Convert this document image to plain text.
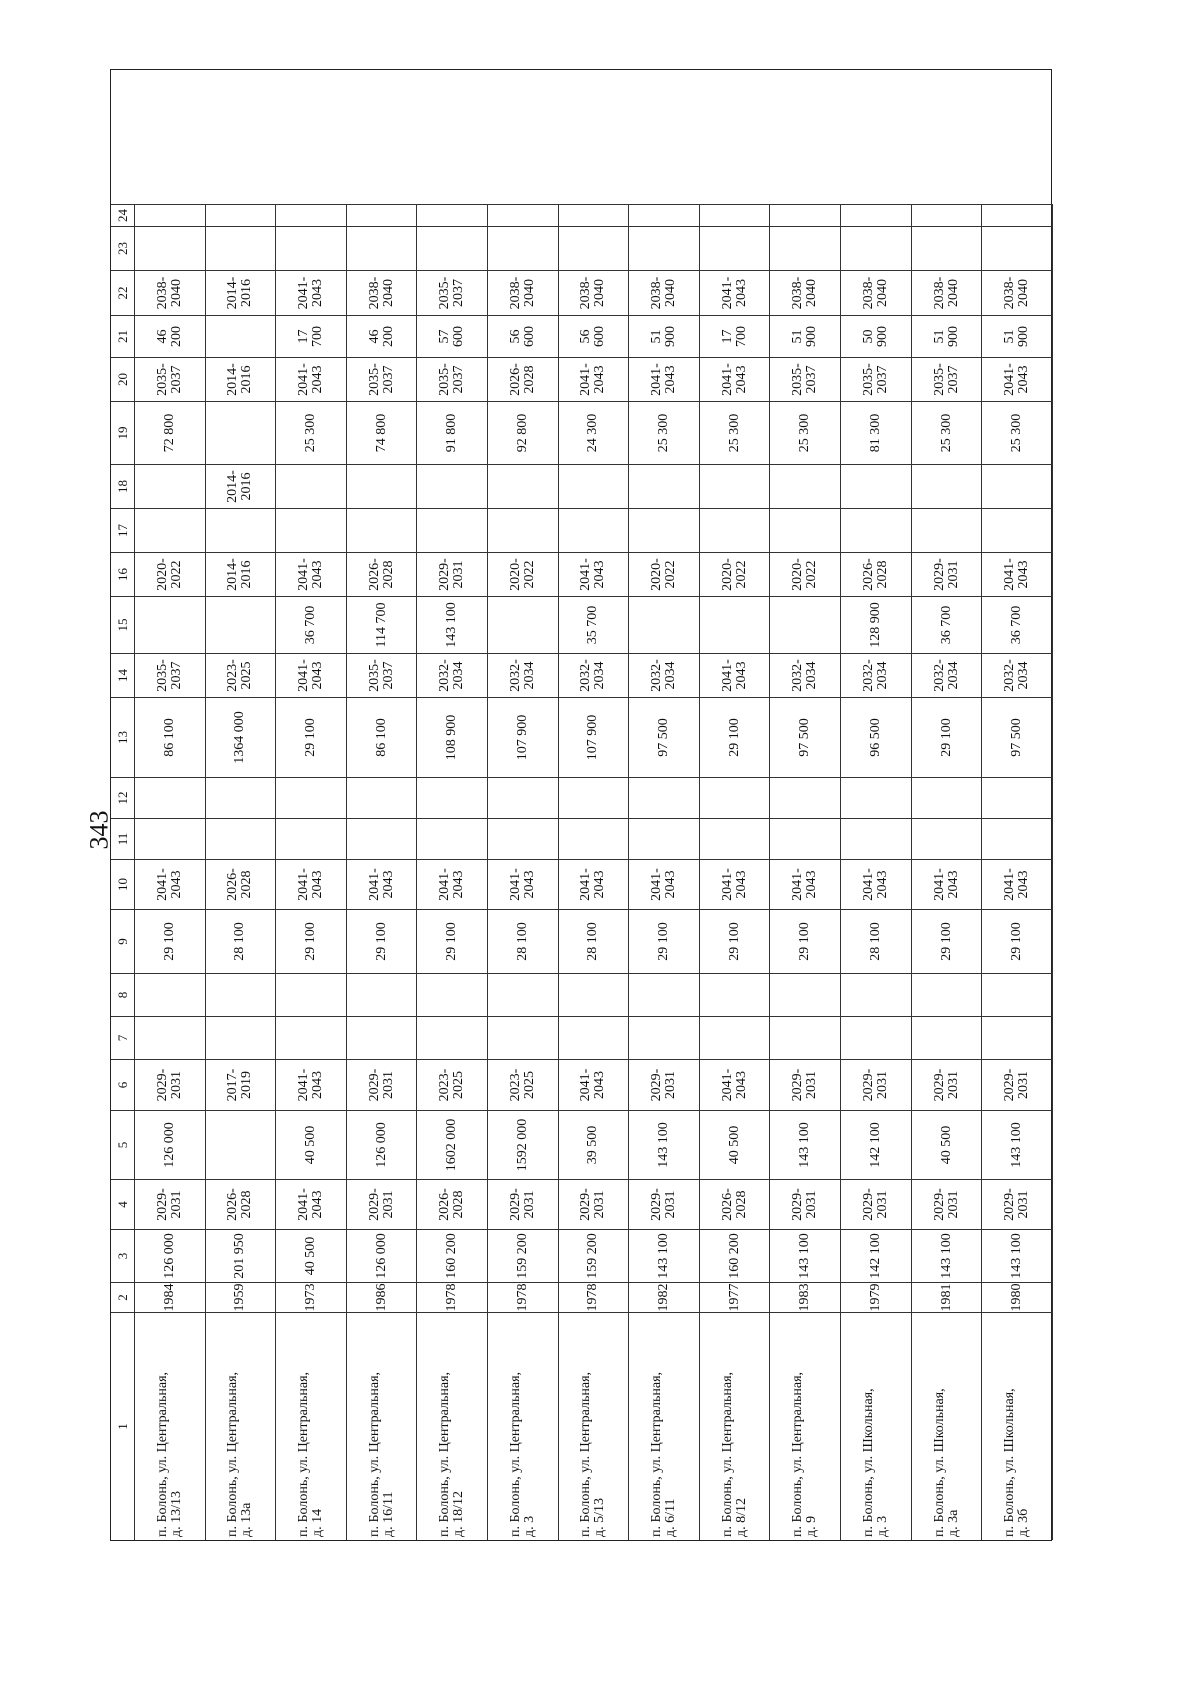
343
1
2
3
4
5
6
7
8
9
10
11
12
13
14
15
16
17
18
19
20
21
22
23
24
п. Болонь, ул. Центральная,
д. 13/13
1984
126 000
2029-
2031
126 000
2029-
2031
29 100
2041-
2043
86 100
2035-
2037
2020-
2022
72 800
2035-
2037
46 200
2038-
2040
п. Болонь, ул. Центральная,
д. 13а
1959
201 950
2026-
2028
2017-
2019
28 100
2026-
2028
1364 000
2023-
2025
2014-
2016
2014-
2016
2014-
2016
2014-
2016
п. Болонь, ул. Центральная,
д. 14
1973
40 500
2041-
2043
40 500
2041-
2043
29 100
2041-
2043
29 100
2041-
2043
36 700
2041-
2043
25 300
2041-
2043
17 700
2041-
2043
п. Болонь, ул. Центральная,
д. 16/11
1986
126 000
2029-
2031
126 000
2029-
2031
29 100
2041-
2043
86 100
2035-
2037
114 700
2026-
2028
74 800
2035-
2037
46 200
2038-
2040
п. Болонь, ул. Центральная,
д. 18/12
1978
160 200
2026-
2028
1602 000
2023-
2025
29 100
2041-
2043
108 900
2032-
2034
143 100
2029-
2031
91 800
2035-
2037
57 600
2035-
2037
п. Болонь, ул. Центральная,
д. 3
1978
159 200
2029-
2031
1592 000
2023-
2025
28 100
2041-
2043
107 900
2032-
2034
2020-
2022
92 800
2026-
2028
56 600
2038-
2040
п. Болонь, ул. Центральная,
д. 5/13
1978
159 200
2029-
2031
39 500
2041-
2043
28 100
2041-
2043
107 900
2032-
2034
35 700
2041-
2043
24 300
2041-
2043
56 600
2038-
2040
п. Болонь, ул. Центральная,
д. 6/11
1982
143 100
2029-
2031
143 100
2029-
2031
29 100
2041-
2043
97 500
2032-
2034
2020-
2022
25 300
2041-
2043
51 900
2038-
2040
п. Болонь, ул. Центральная,
д. 8/12
1977
160 200
2026-
2028
40 500
2041-
2043
29 100
2041-
2043
29 100
2041-
2043
2020-
2022
25 300
2041-
2043
17 700
2041-
2043
п. Болонь, ул. Центральная,
д. 9
1983
143 100
2029-
2031
143 100
2029-
2031
29 100
2041-
2043
97 500
2032-
2034
2020-
2022
25 300
2035-
2037
51 900
2038-
2040
п. Болонь, ул. Школьная,
д. 3
1979
142 100
2029-
2031
142 100
2029-
2031
28 100
2041-
2043
96 500
2032-
2034
128 900
2026-
2028
81 300
2035-
2037
50 900
2038-
2040
п. Болонь, ул. Школьная,
д. 3а
1981
143 100
2029-
2031
40 500
2029-
2031
29 100
2041-
2043
29 100
2032-
2034
36 700
2029-
2031
25 300
2035-
2037
51 900
2038-
2040
п. Болонь, ул. Школьная,
д. 3б
1980
143 100
2029-
2031
143 100
2029-
2031
29 100
2041-
2043
97 500
2032-
2034
36 700
2041-
2043
25 300
2041-
2043
51 900
2038-
2040
